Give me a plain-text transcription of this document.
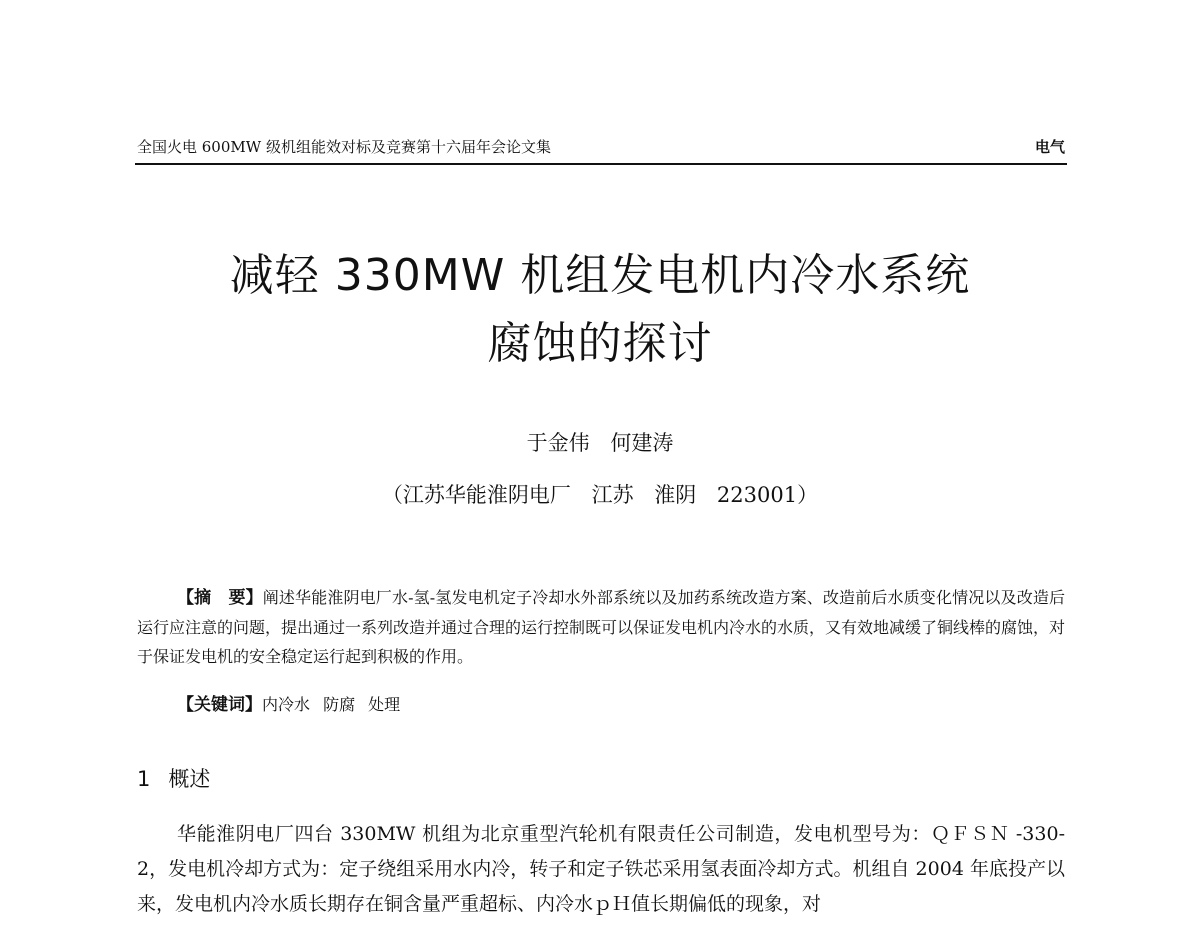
全国火电 600MW 级机组能效对标及竞赛第十六届年会论文集	电气
减轻 330MW 机组发电机内冷水系统
腐蚀的探讨
于金伟 何建涛
（江苏华能淮阴电厂 江苏 淮阴 223001）

【摘　要】阐述华能淮阴电厂水-氢-氢发电机定子冷却水外部系统以及加药系统改造方案、改造前后水质变化情况以及改造后运行应注意的问题，提出通过一系列改造并通过合理的运行控制既可以保证发电机内冷水的水质，又有效地减缓了铜线棒的腐蚀，对于保证发电机的安全稳定运行起到积极的作用。

【关键词】内冷水 防腐 处理
1 概述

华能淮阴电厂四台 330MW 机组为北京重型汽轮机有限责任公司制造，发电机型号为：ＱＦＳＮ -330-2，发电机冷却方式为：定子绕组采用水内冷，转子和定子铁芯采用氢表面冷却方式。机组自 2004 年底投产以来，发电机内冷水质长期存在铜含量严重超标、内冷水ｐＨ值长期偏低的现象，对
